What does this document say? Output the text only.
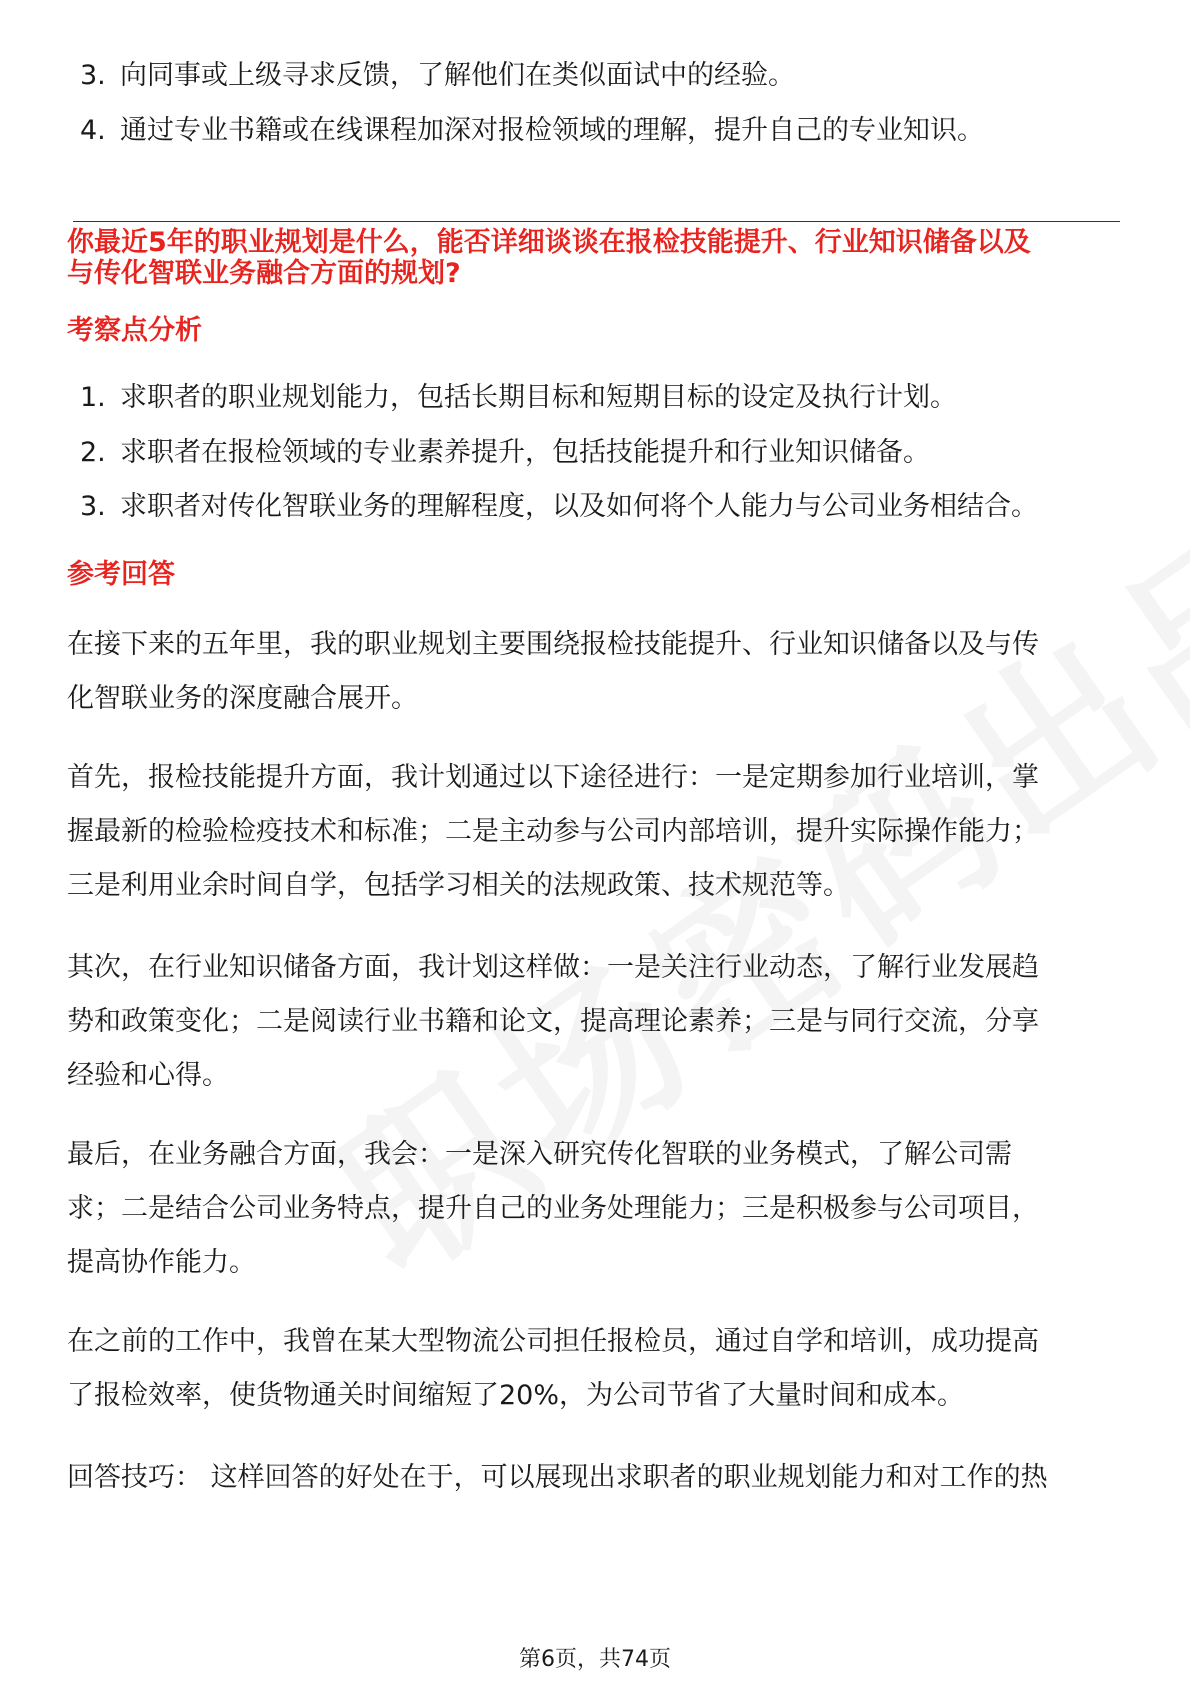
3. 向同事或上级寻求反馈，了解他们在类似面试中的经验。
4. 通过专业书籍或在线课程加深对报检领域的理解，提升自己的专业知识。
你最近5年的职业规划是什么，能否详细谈谈在报检技能提升、行业知识储备以及
与传化智联业务融合方面的规划?
考察点分析
1. 求职者的职业规划能力，包括长期目标和短期目标的设定及执行计划。
2. 求职者在报检领域的专业素养提升，包括技能提升和行业知识储备。
3. 求职者对传化智联业务的理解程度，以及如何将个人能力与公司业务相结合。
参考回答
在接下来的五年里，我的职业规划主要围绕报检技能提升、行业知识储备以及与传
化智联业务的深度融合展开。
首先，报检技能提升方面，我计划通过以下途径进行：一是定期参加行业培训，掌
握最新的检验检疫技术和标准；二是主动参与公司内部培训，提升实际操作能力；
三是利用业余时间自学，包括学习相关的法规政策、技术规范等。
其次，在行业知识储备方面，我计划这样做：一是关注行业动态，了解行业发展趋
势和政策变化；二是阅读行业书籍和论文，提高理论素养；三是与同行交流，分享
经验和心得。
最后，在业务融合方面，我会：一是深入研究传化智联的业务模式，了解公司需
求；二是结合公司业务特点，提升自己的业务处理能力；三是积极参与公司项目，
提高协作能力。
在之前的工作中，我曾在某大型物流公司担任报检员，通过自学和培训，成功提高
了报检效率，使货物通关时间缩短了20%，为公司节省了大量时间和成本。
回答技巧： 这样回答的好处在于，可以展现出求职者的职业规划能力和对工作的热
第6页，共74页
